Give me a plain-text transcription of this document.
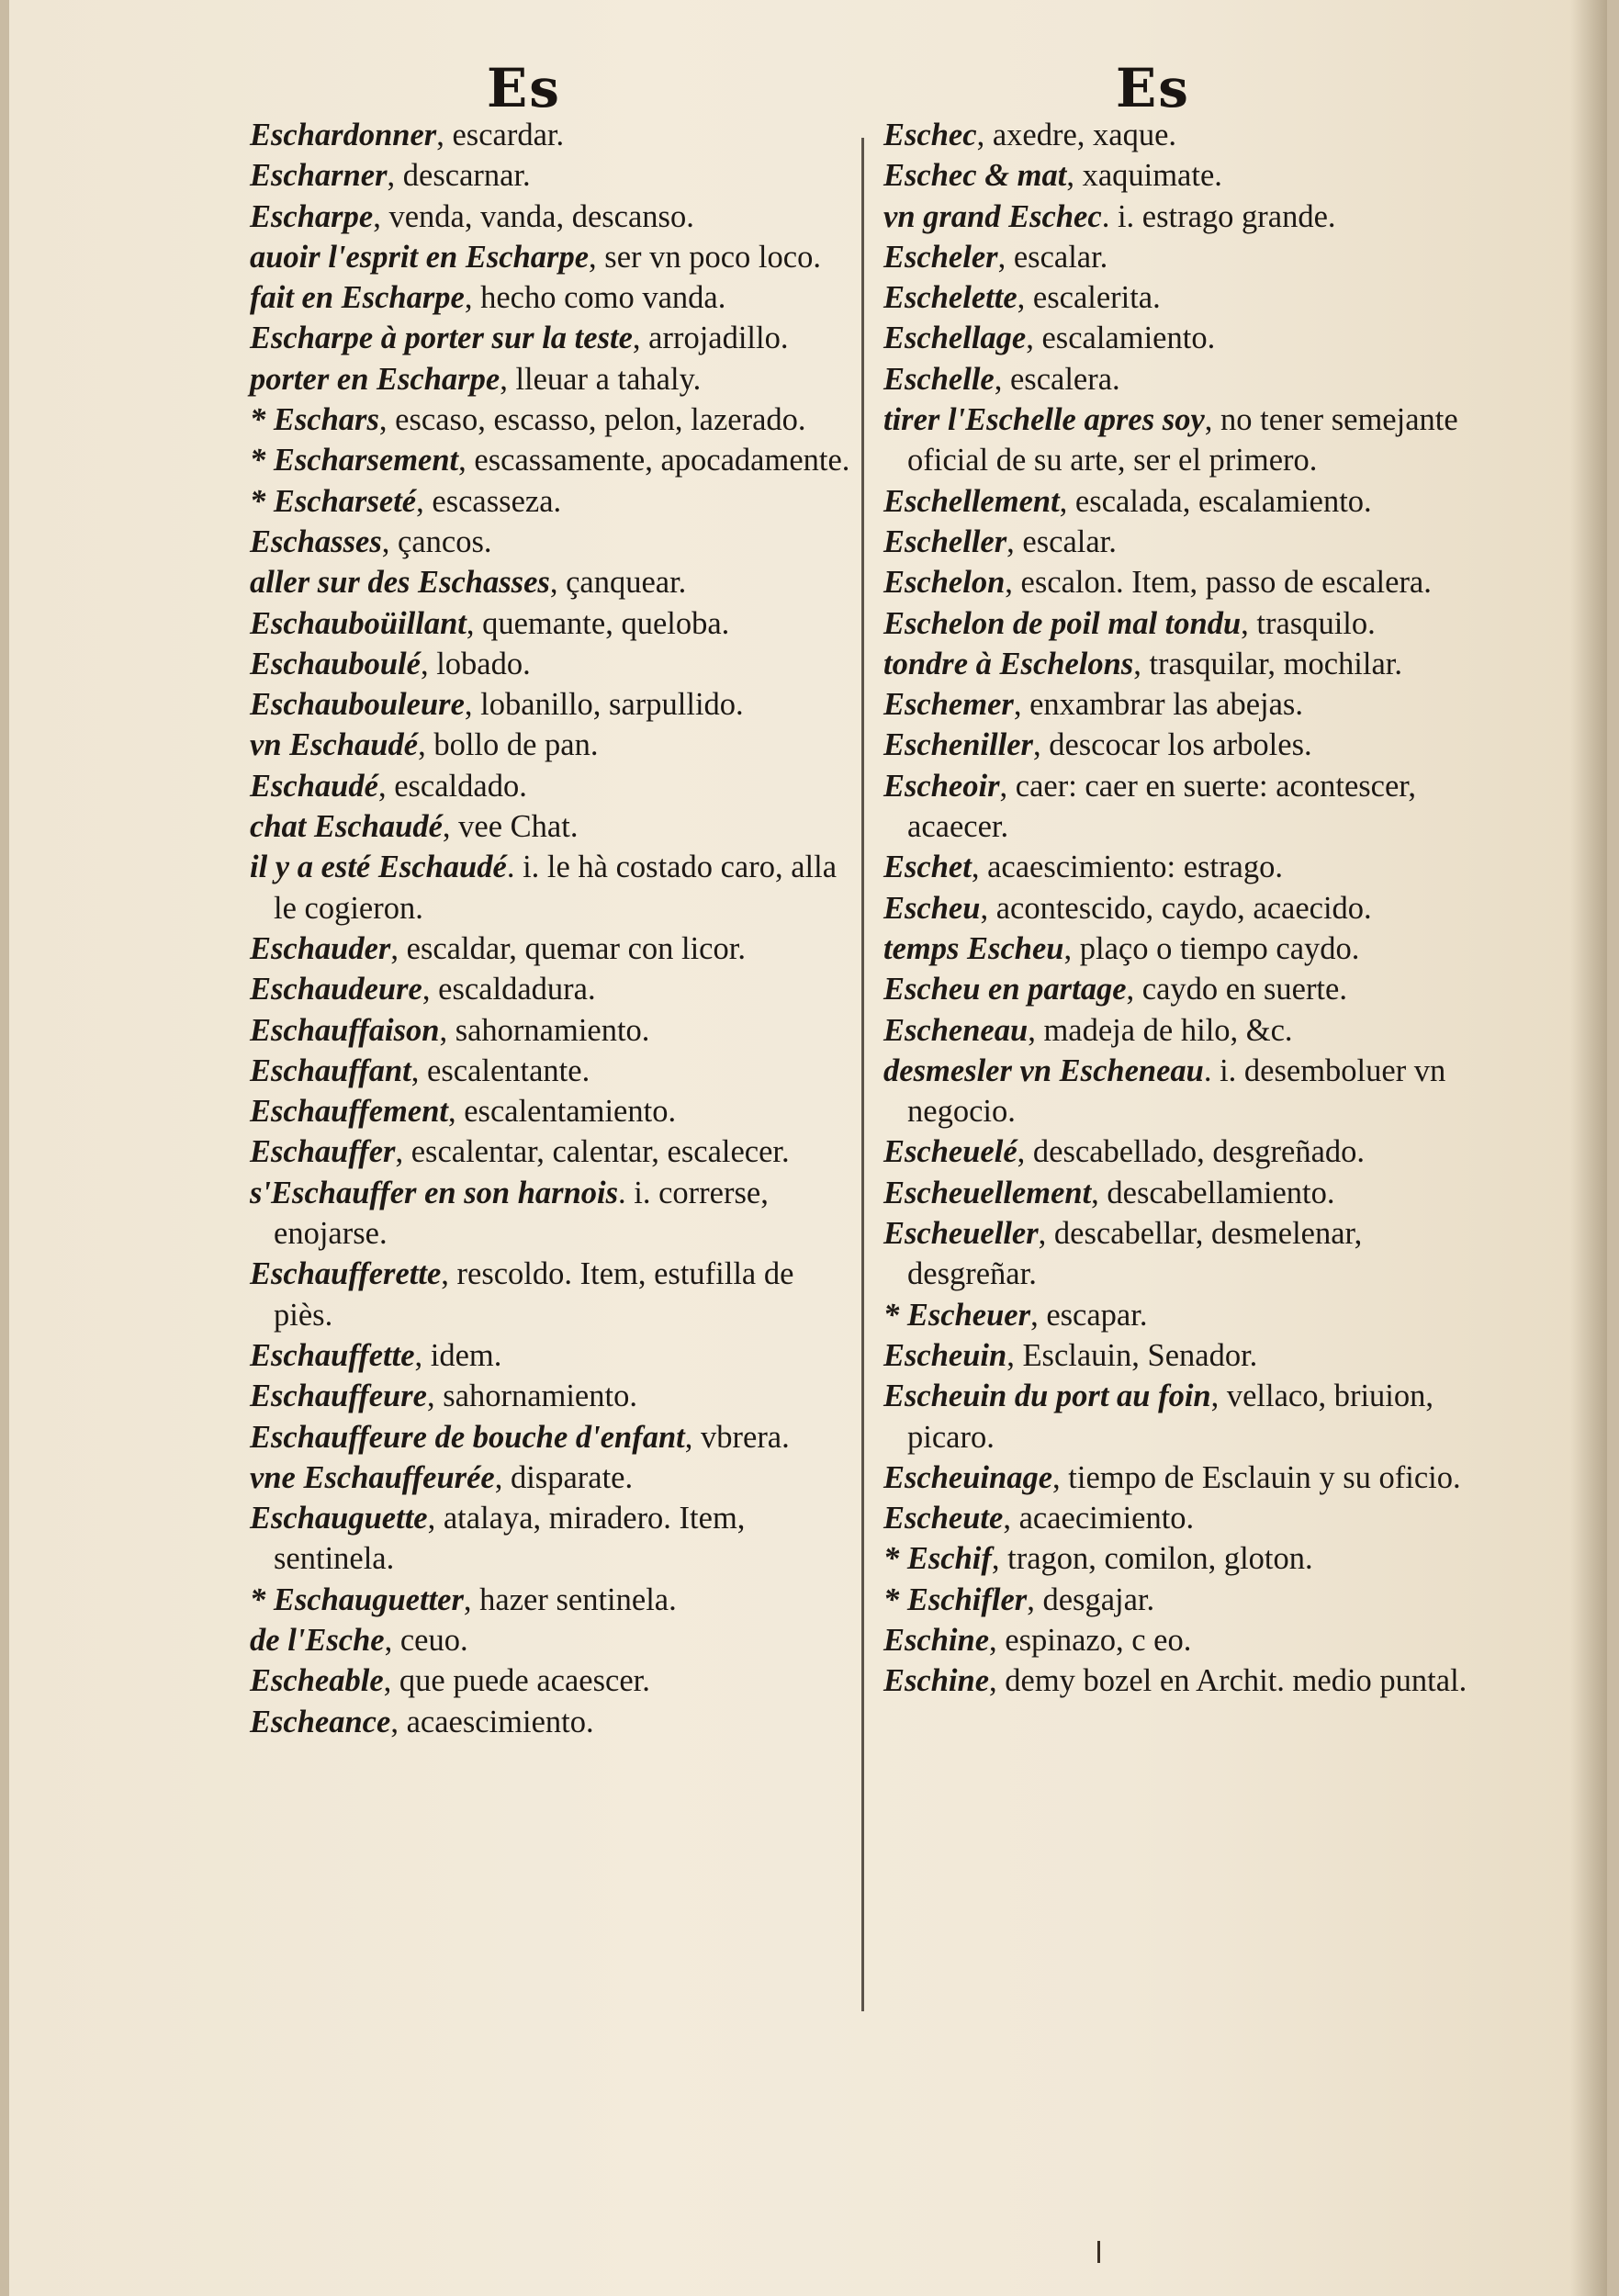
Es	Es
Eschardonner, escardar.
Escharner, descarnar.
Escharpe, venda, vanda, descanso.
auoir l'esprit en Escharpe, ser vn poco loco.
fait en Escharpe, hecho como vanda.
Escharpe à porter sur la teste, arrojadillo.
porter en Escharpe, lleuar a tahaly.
* Eschars, escaso, escasso, pelon, lazerado.
* Escharsement, escassamente, apocadamente.
* Escharseté, escasseza.
Eschasses, çancos.
aller sur des Eschasses, çanquear.
Eschauboüillant, quemante, queloba.
Eschauboulé, lobado.
Eschauboulеure, lobanillo, sarpullido.
vn Eschaudé, bollo de pan.
Eschaudé, escaldado.
chat Eschaudé, vee Chat.
il y a esté Eschaudé. i. le hà costado caro, alla le cogieron.
Eschauder, escaldar, quemar con licor.
Eschaudeure, escaldadura.
Eschauffaison, sahornamiento.
Eschauffant, escalentante.
Eschauffement, escalentamiento.
Eschauffer, escalentar, calentar, escalecer.
s'Eschauffer en son harnois. i. correrse, enojarse.
Eschaufferette, rescoldo. Item, estufilla de piès.
Eschauffette, idem.
Eschauffeure, sahornamiento.
Eschauffeure de bouche d'enfant, vbrera.
vne Eschauffeurée, disparate.
Eschauguette, atalaya, miradero. Item, sentinela.
* Eschauguetter, hazer sentinela.
de l'Esche, ceuo.
Escheable, que puede acaescer.
Escheance, acaescimiento.
Eschec, axedre, xaque.
Eschec & mat, xaquimate.
vn grand Eschec. i. estrago grande.
Escheler, escalar.
Eschelette, escalerita.
Eschellage, escalamiento.
Eschelle, escalera.
tirer l'Eschelle apres soy, no tener semejante oficial de su arte, ser el primero.
Eschellement, escalada, escalamiento.
Escheller, escalar.
Eschelon, escalon. Item, passo de escalera.
Eschelon de poil mal tondu, trasquilo.
tondre à Eschelons, trasquilar, mochilar.
Eschemer, enxambrar las abejas.
Escheniller, descocar los arboles.
Escheoir, caer: caer en suerte: acontescer, acaecer.
Eschet, acaescimiento: estrago.
Escheu, acontescido, caydo, acaecido.
temps Escheu, plaço o tiempo caydo.
Escheu en partage, caydo en suerte.
Escheneau, madeja de hilo, &c.
desmesler vn Escheneau. i. desemboluer vn negocio.
Escheuelé, descabellado, desgreñado.
Escheuellement, descabellamiento.
Escheueller, descabellar, desmelenar, desgreñar.
* Escheuer, escapar.
Escheuin, Esclauin, Senador.
Escheuin du port au foin, vellaco, briuion, picaro.
Escheuinage, tiempo de Esclauin y su oficio.
Escheute, acaecimiento.
* Eschif, tragon, comilon, gloton.
* Eschifler, desgajar.
Eschine, espinazo, c eo.
Eschine, demy bozel en Archit. medio puntal.
